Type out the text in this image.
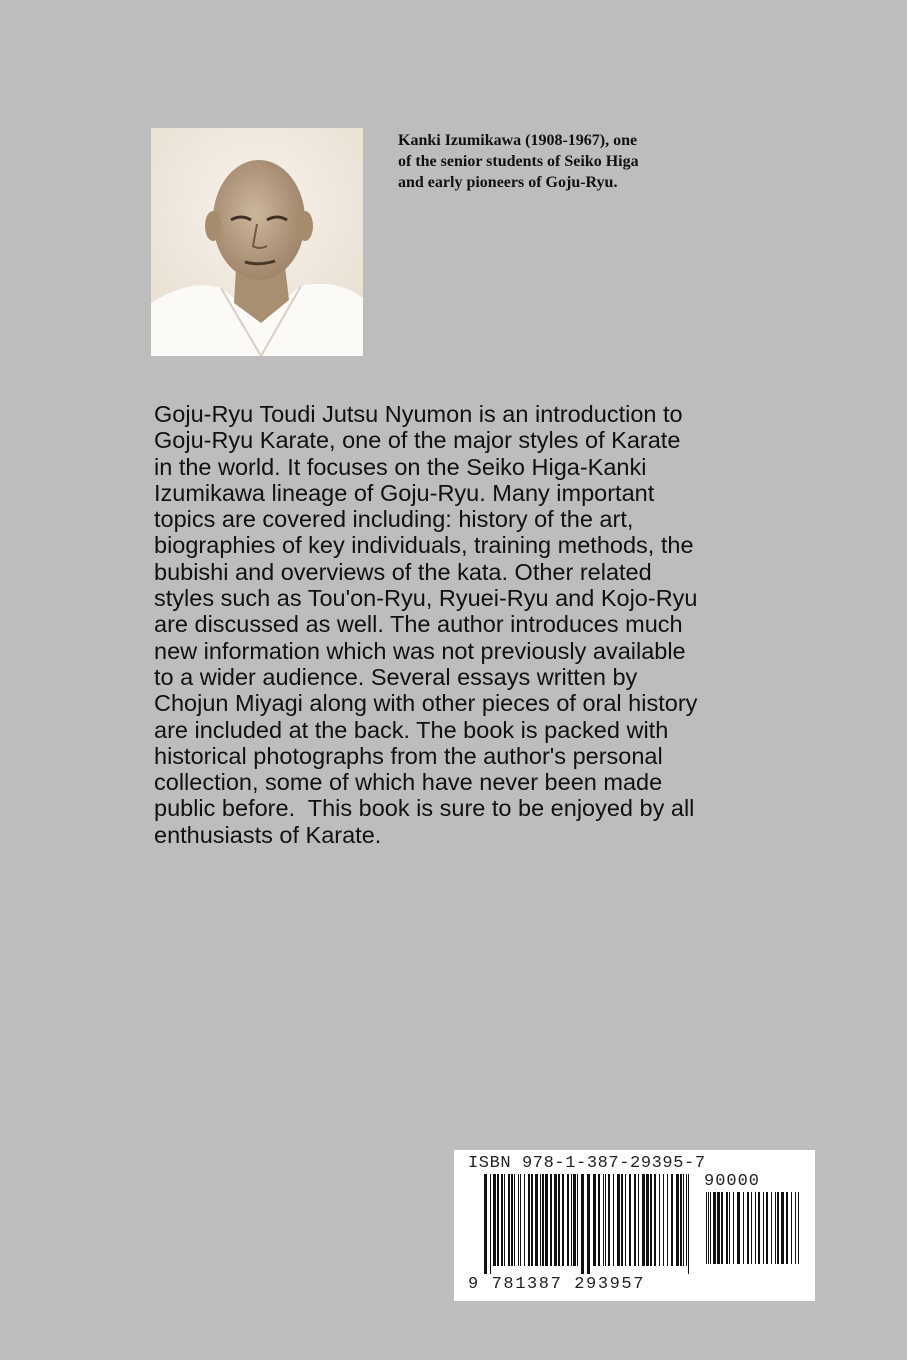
Kanki Izumikawa (1908-1967), one
of the senior students of Seiko Higa
and early pioneers of Goju-Ryu.
Goju-Ryu Toudi Jutsu Nyumon is an introduction to
Goju-Ryu Karate, one of the major styles of Karate
in the world. It focuses on the Seiko Higa-Kanki
Izumikawa lineage of Goju-Ryu. Many important
topics are covered including: history of the art,
biographies of key individuals, training methods, the
bubishi and overviews of the kata. Other related
styles such as Tou'on-Ryu, Ryuei-Ryu and Kojo-Ryu
are discussed as well. The author introduces much
new information which was not previously available
to a wider audience. Several essays written by
Chojun Miyagi along with other pieces of oral history
are included at the back. The book is packed with
historical photographs from the author's personal
collection, some of which have never been made
public before.  This book is sure to be enjoyed by all
enthusiasts of Karate.
ISBN 978-1-387-29395-7
90000
9 781387 293957
